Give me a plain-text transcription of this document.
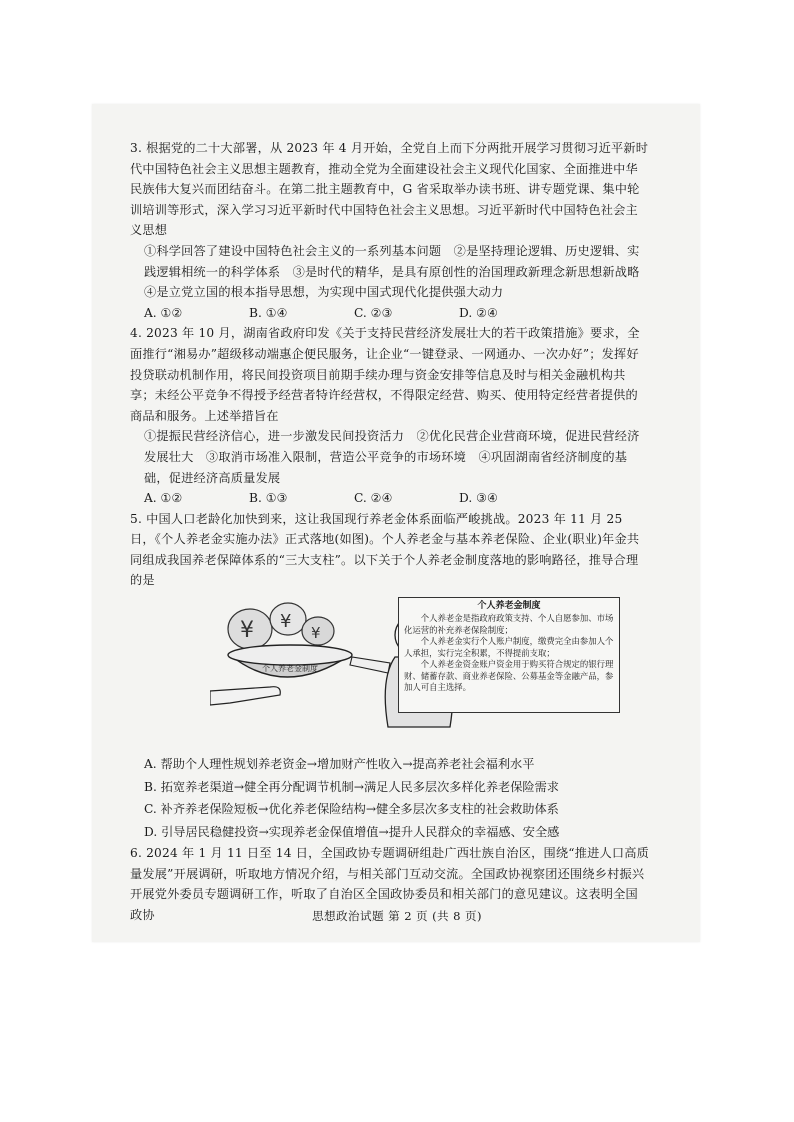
3. 根据党的二十大部署，从 2023 年 4 月开始，全党自上而下分两批开展学习贯彻习近平新时代中国特色社会主义思想主题教育，推动全党为全面建设社会主义现代化国家、全面推进中华民族伟大复兴而团结奋斗。在第二批主题教育中，G 省采取举办读书班、讲专题党课、集中轮训培训等形式，深入学习习近平新时代中国特色社会主义思想。习近平新时代中国特色社会主义思想

①科学回答了建设中国特色社会主义的一系列基本问题　②是坚持理论逻辑、历史逻辑、实践逻辑相统一的科学体系　③是时代的精华，是具有原创性的治国理政新理念新思想新战略

④是立党立国的根本指导思想，为实现中国式现代化提供强大动力

A. ①②	B. ①④	C. ②③	D. ②④

4. 2023 年 10 月，湖南省政府印发《关于支持民营经济发展壮大的若干政策措施》要求，全面推行“湘易办”超级移动端惠企便民服务，让企业“一键登录、一网通办、一次办好”；发挥好投贷联动机制作用，将民间投资项目前期手续办理与资金安排等信息及时与相关金融机构共享；未经公平竞争不得授予经营者特许经营权，不得限定经营、购买、使用特定经营者提供的商品和服务。上述举措旨在

①提振民营经济信心，进一步激发民间投资活力　②优化民营企业营商环境，促进民营经济发展壮大　③取消市场准入限制，营造公平竞争的市场环境　④巩固湖南省经济制度的基础，促进经济高质量发展

A. ①②	B. ①③	C. ②④	D. ③④

5. 中国人口老龄化加快到来，这让我国现行养老金体系面临严峻挑战。2023 年 11 月 25 日，《个人养老金实施办法》正式落地(如图)。个人养老金与基本养老保险、企业(职业)年金共同组成我国养老保障体系的“三大支柱”。以下关于个人养老金制度落地的影响路径，推导合理的是

¥ ¥
¥
个人养老金制度
个人养老金制度

个人养老金是指政府政策支持、个人自愿参加、市场化运营的补充养老保险制度；

个人养老金实行个人账户制度，缴费完全由参加人个人承担，实行完全积累，不得提前支取；

个人养老金资金账户资金用于购买符合规定的银行理财、储蓄存款、商业养老保险、公募基金等金融产品，参加人可自主选择。

A. 帮助个人理性规划养老资金→增加财产性收入→提高养老社会福利水平
B. 拓宽养老渠道→健全再分配调节机制→满足人民多层次多样化养老保险需求
C. 补齐养老保险短板→优化养老保险结构→健全多层次多支柱的社会救助体系
D. 引导居民稳健投资→实现养老金保值增值→提升人民群众的幸福感、安全感

6. 2024 年 1 月 11 日至 14 日，全国政协专题调研组赴广西壮族自治区，围绕“推进人口高质量发展”开展调研，听取地方情况介绍，与相关部门互动交流。全国政协视察团还围绕乡村振兴开展党外委员专题调研工作，听取了自治区全国政协委员和相关部门的意见建议。这表明全国政协	思想政治试题 第 2 页 (共 8 页)
